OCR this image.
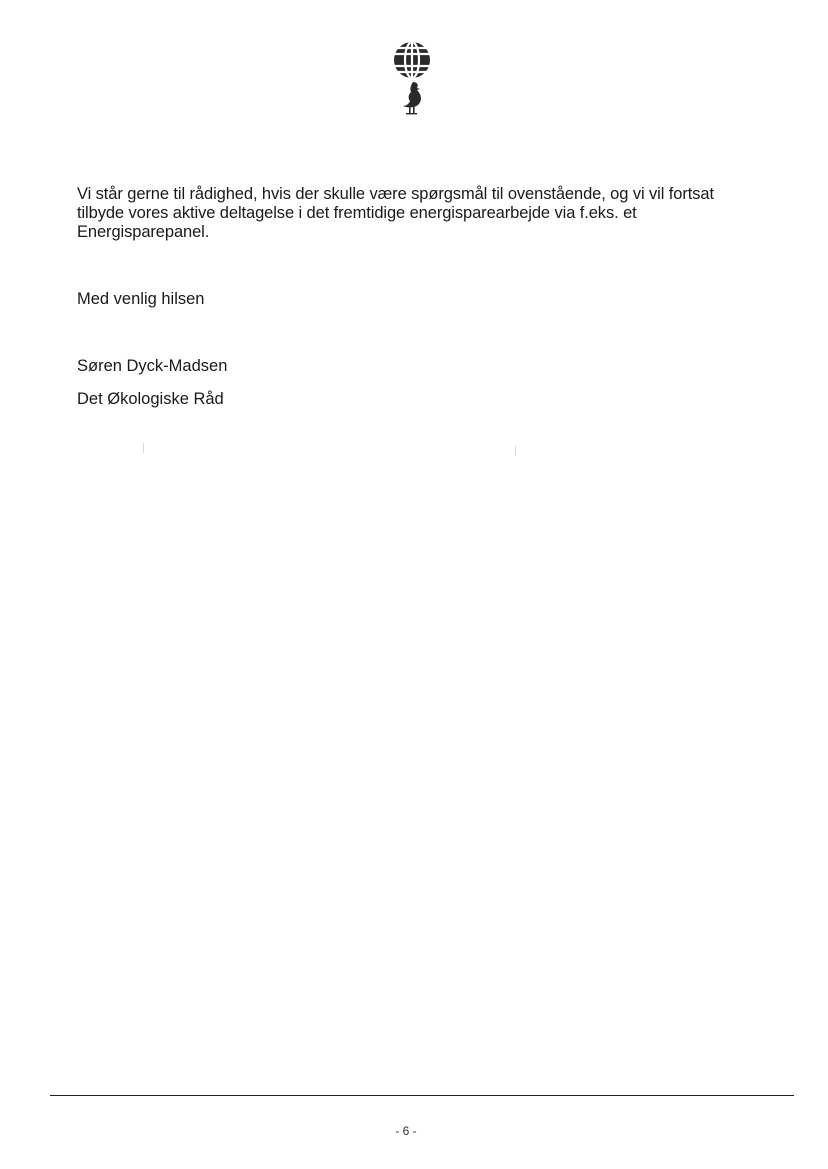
Vi står gerne til rådighed, hvis der skulle være spørgsmål til ovenstående, og vi vil fortsat tilbyde vores aktive deltagelse i det fremtidige energisparearbejde via f.eks. et Energisparepanel.

Med venlig hilsen

Søren Dyck-Madsen

Det Økologiske Råd

- 6 -
